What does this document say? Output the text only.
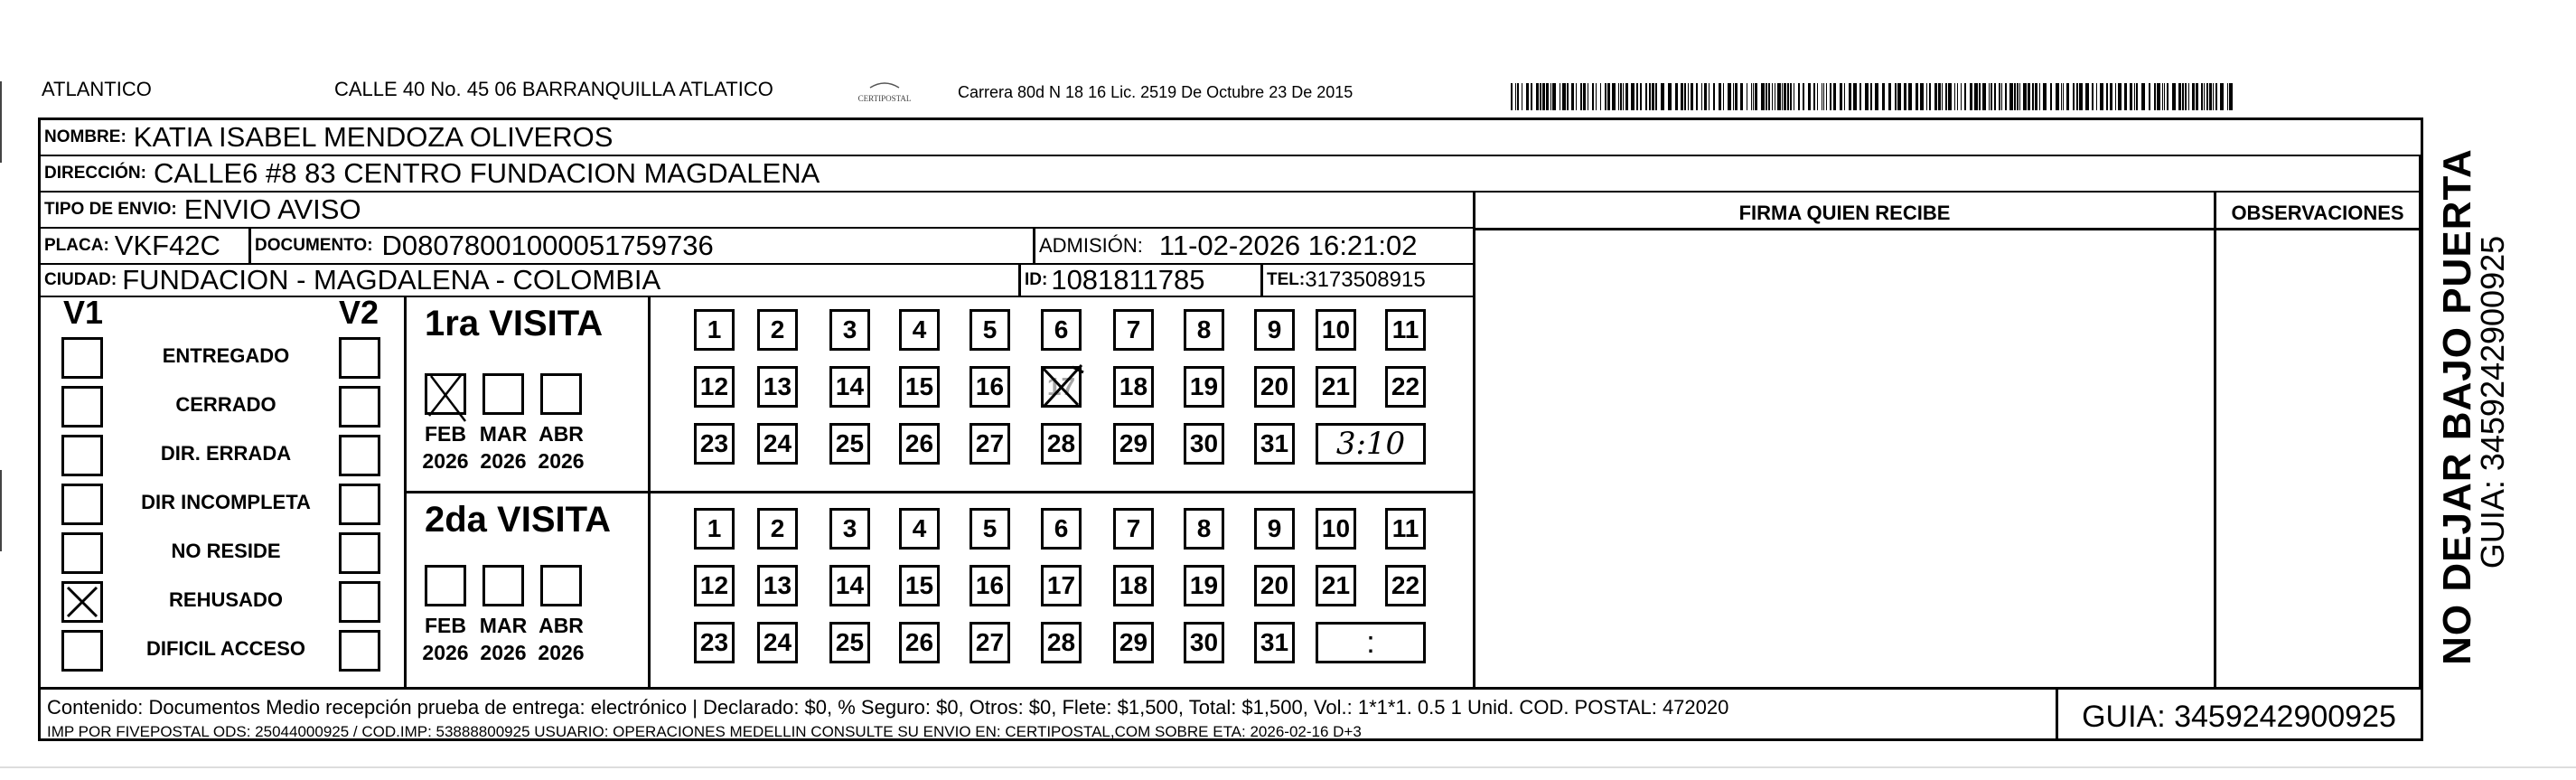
ATLANTICO	CALLE 40 No. 45 06 BARRANQUILLA ATLATICO	CERTIPOSTAL	Carrera 80d N 18 16 Lic. 2519 De Octubre 23 De 2015
NOMBRE: KATIA ISABEL MENDOZA OLIVEROS
DIRECCIÓN: CALLE6 #8 83 CENTRO FUNDACION MAGDALENA
TIPO DE ENVIO: ENVIO AVISO
PLACA: VKF42C DOCUMENTO: D08078001000051759736	ADMISIÓN: 11-02-2026 16:21:02
CIUDAD: FUNDACION - MAGDALENA - COLOMBIA	ID: 1081811785	TEL: 3173508915
FIRMA QUIEN RECIBE	OBSERVACIONES
V1	V2
ENTREGADO
CERRADO
DIR. ERRADA
DIR INCOMPLETA
NO RESIDE
REHUSADO
DIFICIL ACCESO
1ra VISITA
2da VISITA
FEB
2026
MAR
2026
ABR
2026
FEB
2026
MAR
2026
ABR
2026
1	2	3	4	5	6	7	8	9	10 11
12 13 14 15 16 17 18 19 20 21 22
23 24 25 26 27 28 29 30 31	3:10
1	2	3	4	5	6	7	8	9	10 11
12 13 14 15 16 17 18 19 20 21 22
23 24 25 26 27 28 29 30 31	:
Contenido: Documentos Medio recepción prueba de entrega: electrónico | Declarado: $0, % Seguro: $0, Otros: $0, Flete: $1,500, Total: $1,500, Vol.: 1*1*1. 0.5 1 Unid. COD. POSTAL: 472020
IMP POR FIVEPOSTAL ODS: 25044000925 / COD.IMP: 53888800925 USUARIO: OPERACIONES MEDELLIN CONSULTE SU ENVIO EN: CERTIPOSTAL,COM SOBRE ETA: 2026-02-16 D+3	GUIA: 3459242900925
NO DEJAR BAJO PUERTA
GUIA: 3459242900925
